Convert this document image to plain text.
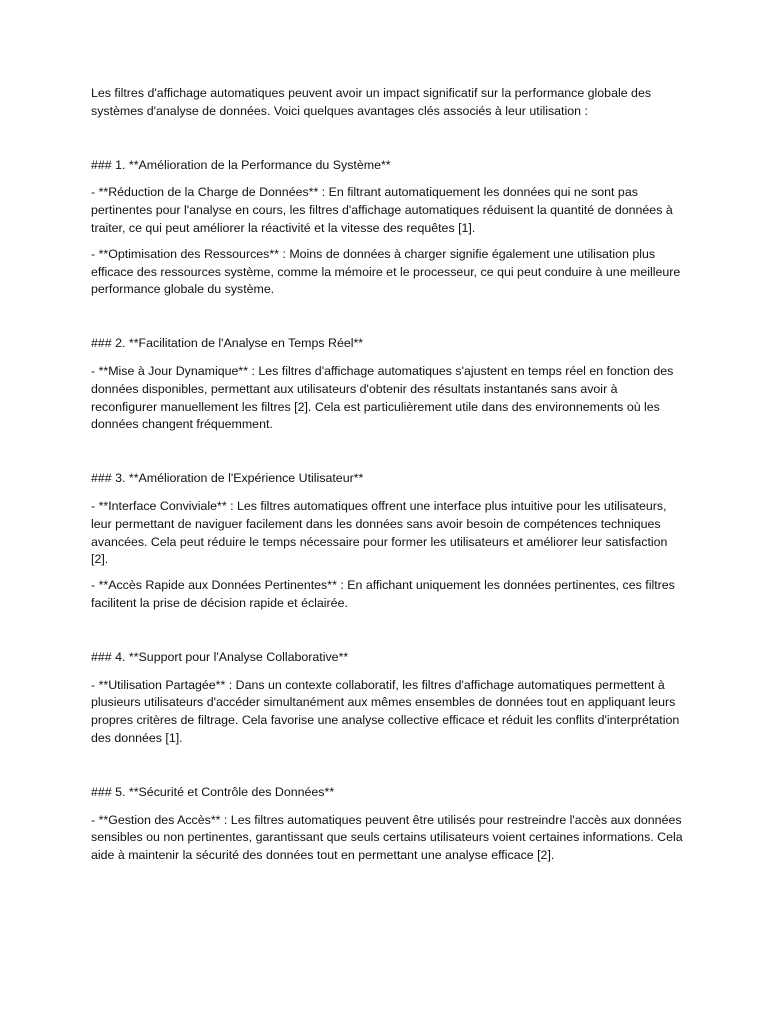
Les filtres d'affichage automatiques peuvent avoir un impact significatif sur la performance globale des systèmes d'analyse de données. Voici quelques avantages clés associés à leur utilisation :

### 1. **Amélioration de la Performance du Système**

- **Réduction de la Charge de Données** : En filtrant automatiquement les données qui ne sont pas pertinentes pour l'analyse en cours, les filtres d'affichage automatiques réduisent la quantité de données à traiter, ce qui peut améliorer la réactivité et la vitesse des requêtes [1].

- **Optimisation des Ressources** : Moins de données à charger signifie également une utilisation plus efficace des ressources système, comme la mémoire et le processeur, ce qui peut conduire à une meilleure performance globale du système.

### 2. **Facilitation de l'Analyse en Temps Réel**

- **Mise à Jour Dynamique** : Les filtres d'affichage automatiques s'ajustent en temps réel en fonction des données disponibles, permettant aux utilisateurs d'obtenir des résultats instantanés sans avoir à reconfigurer manuellement les filtres [2]. Cela est particulièrement utile dans des environnements où les données changent fréquemment.

### 3. **Amélioration de l'Expérience Utilisateur**

- **Interface Conviviale** : Les filtres automatiques offrent une interface plus intuitive pour les utilisateurs, leur permettant de naviguer facilement dans les données sans avoir besoin de compétences techniques avancées. Cela peut réduire le temps nécessaire pour former les utilisateurs et améliorer leur satisfaction [2].

- **Accès Rapide aux Données Pertinentes** : En affichant uniquement les données pertinentes, ces filtres facilitent la prise de décision rapide et éclairée.

### 4. **Support pour l'Analyse Collaborative**

- **Utilisation Partagée** : Dans un contexte collaboratif, les filtres d'affichage automatiques permettent à plusieurs utilisateurs d'accéder simultanément aux mêmes ensembles de données tout en appliquant leurs propres critères de filtrage. Cela favorise une analyse collective efficace et réduit les conflits d'interprétation des données [1].

### 5. **Sécurité et Contrôle des Données**

- **Gestion des Accès** : Les filtres automatiques peuvent être utilisés pour restreindre l'accès aux données sensibles ou non pertinentes, garantissant que seuls certains utilisateurs voient certaines informations. Cela aide à maintenir la sécurité des données tout en permettant une analyse efficace [2].
